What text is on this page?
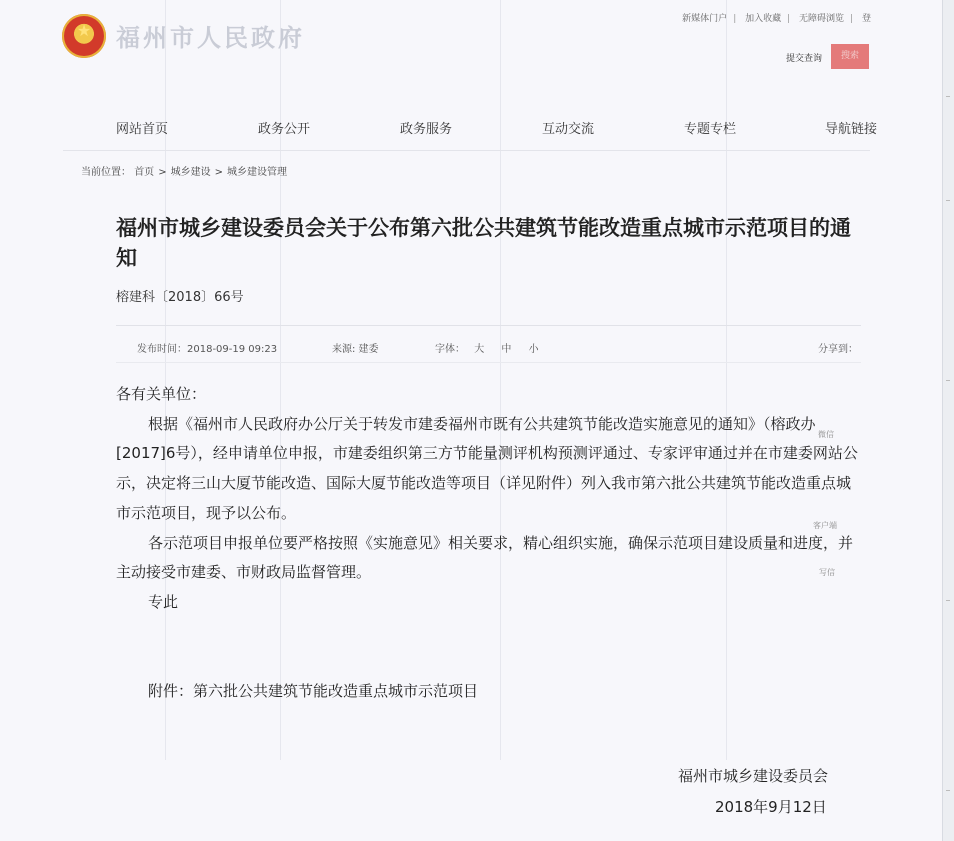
★
福州市人民政府
新媒体门户 | 加入收藏 | 无障碍浏览 | 登
提交查询	搜索
网站首页	政务公开	政务服务	互动交流	专题专栏	导航链接
当前位置： 首页 > 城乡建设 > 城乡建设管理
福州市城乡建设委员会关于公布第六批公共建筑节能改造重点城市示范项目的通知
榕建科〔2018〕66号
发布时间：2018-09-19 09:23	来源: 建委	字体： 大 中 小	分享到：

各有关单位：

根据《福州市人民政府办公厅关于转发市建委福州市既有公共建筑节能改造实施意见的通知》（榕政办[2017]6号），经申请单位申报，市建委组织第三方节能量测评机构预测评通过、专家评审通过并在市建委网站公示，决定将三山大厦节能改造、国际大厦节能改造等项目（详见附件）列入我市第六批公共建筑节能改造重点城市示范项目，现予以公布。

各示范项目申报单位要严格按照《实施意见》相关要求，精心组织实施，确保示范项目建设质量和进度，并主动接受市建委、市财政局监督管理。

专此

附件：第六批公共建筑节能改造重点城市示范项目

微信
客户端
写信
福州市城乡建设委员会
2018年9月12日
